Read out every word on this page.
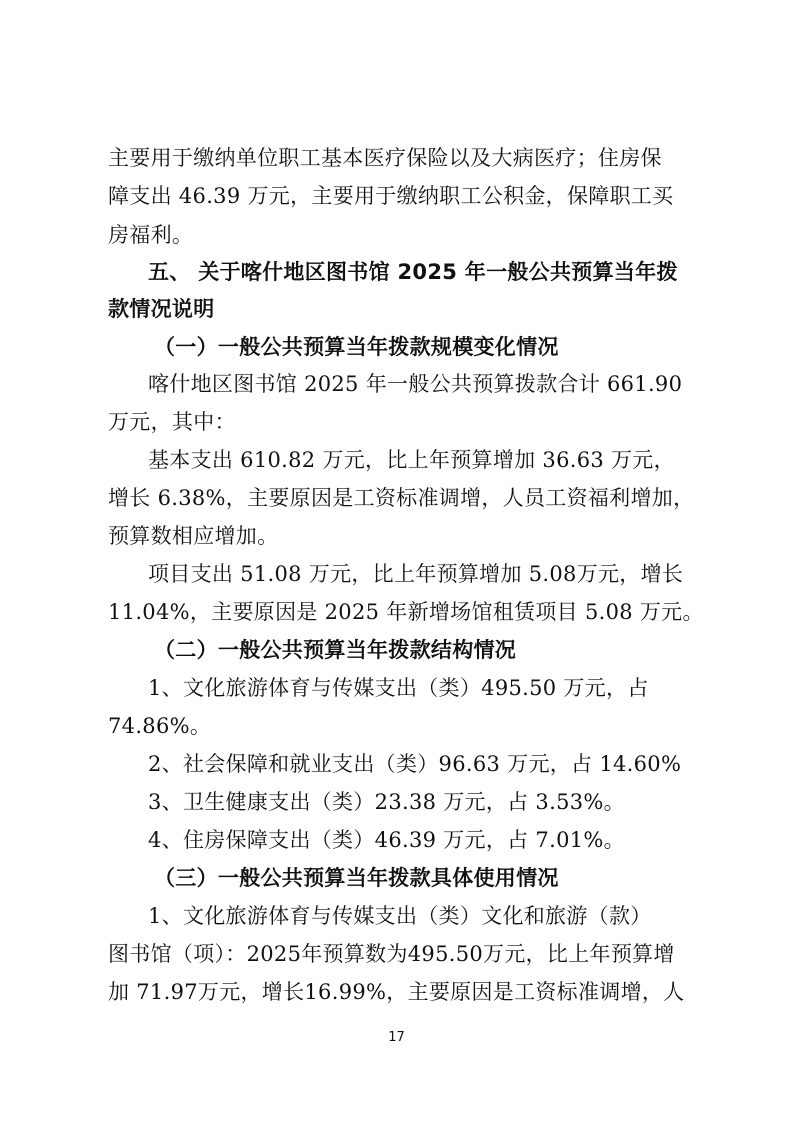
主要用于缴纳单位职工基本医疗保险以及大病医疗；住房保
障支出 46.39 万元，主要用于缴纳职工公积金，保障职工买
房福利。
五、 关于喀什地区图书馆 2025 年一般公共预算当年拨
款情况说明
（一）一般公共预算当年拨款规模变化情况
喀什地区图书馆 2025 年一般公共预算拨款合计 661.90
万元，其中：
基本支出 610.82 万元，比上年预算增加 36.63 万元，
增长 6.38%，主要原因是工资标准调增，人员工资福利增加，
预算数相应增加。
项目支出 51.08 万元，比上年预算增加 5.08万元，增长
11.04%，主要原因是 2025 年新增场馆租赁项目 5.08 万元。
（二）一般公共预算当年拨款结构情况
1、文化旅游体育与传媒支出（类）495.50 万元，占
74.86%。
2、社会保障和就业支出（类）96.63 万元，占 14.60%
3、卫生健康支出（类）23.38 万元，占 3.53%。
4、住房保障支出（类）46.39 万元，占 7.01%。
（三）一般公共预算当年拨款具体使用情况
1、文化旅游体育与传媒支出（类）文化和旅游（款）
图书馆（项）：2025年预算数为495.50万元，比上年预算增
加 71.97万元，增长16.99%，主要原因是工资标准调增，人
17
